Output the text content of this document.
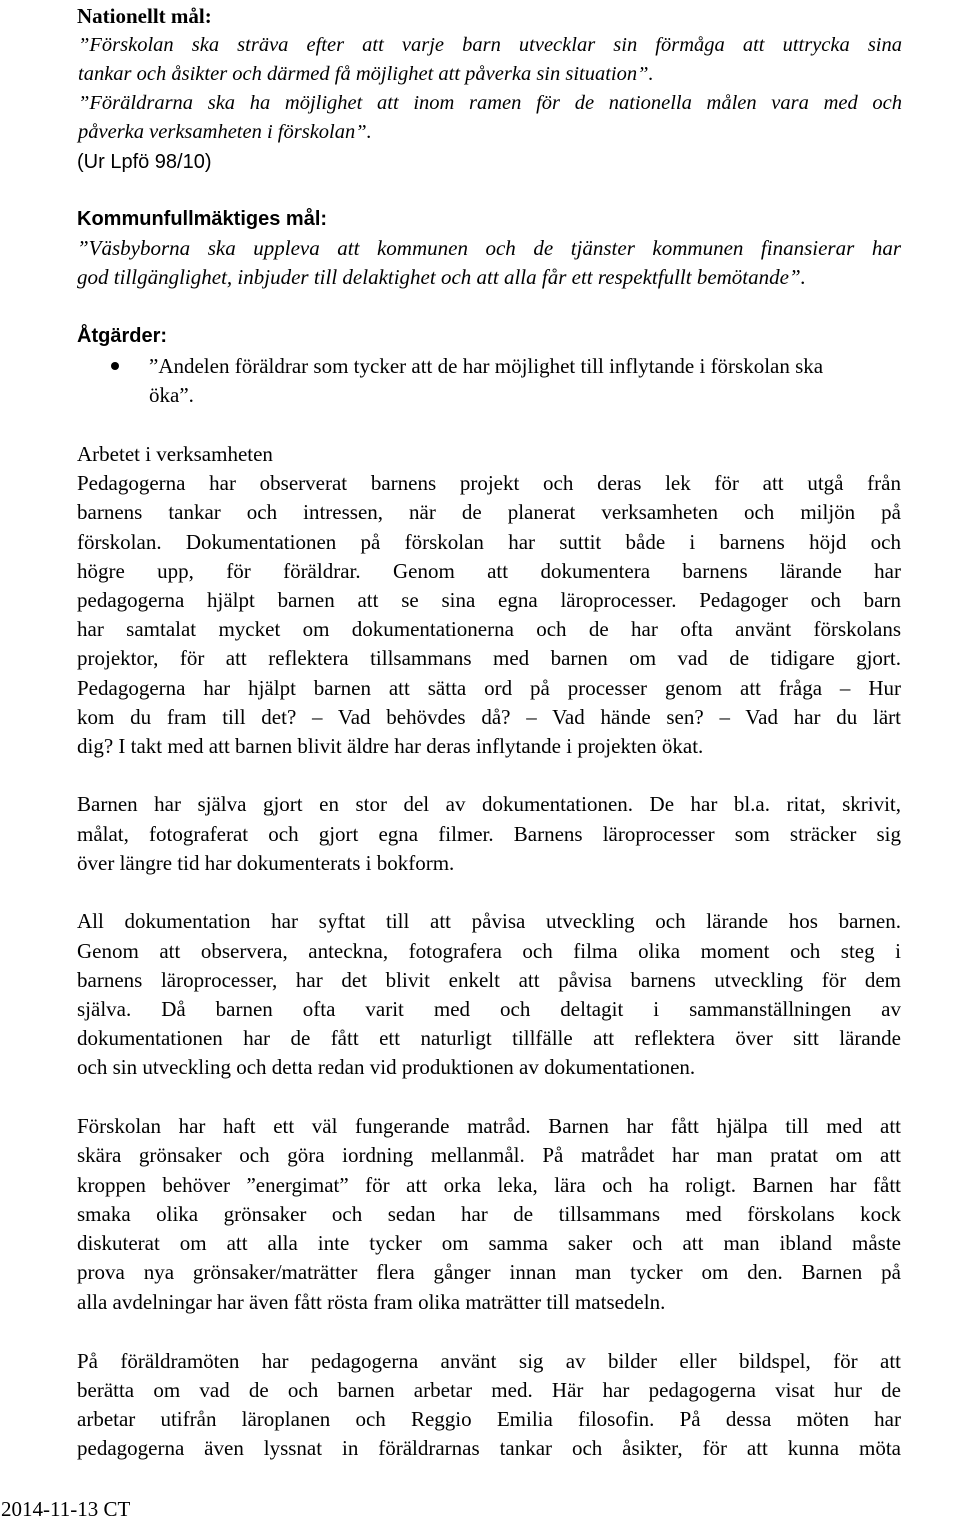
Nationellt mål:
”Förskolan ska sträva efter att varje barn utvecklar sin förmåga att uttrycka sina
tankar och åsikter och därmed få möjlighet att påverka sin situation”.
”Föräldrarna ska ha möjlighet att inom ramen för de nationella målen vara med och
påverka verksamheten i förskolan”.
(Ur Lpfö 98/10)
Kommunfullmäktiges mål:
”Väsbyborna ska uppleva att kommunen och de tjänster kommunen finansierar har
god tillgänglighet, inbjuder till delaktighet och att alla får ett respektfullt bemötande”.
Åtgärder:
”Andelen föräldrar som tycker att de har möjlighet till inflytande i förskolan ska
öka”.
Arbetet i verksamheten
Pedagogerna har observerat barnens projekt och deras lek för att utgå från
barnens tankar och intressen, när de planerat verksamheten och miljön på
förskolan. Dokumentationen på förskolan har suttit både i barnens höjd och
högre upp, för föräldrar. Genom att dokumentera barnens lärande har
pedagogerna hjälpt barnen att se sina egna läroprocesser. Pedagoger och barn
har samtalat mycket om dokumentationerna och de har ofta använt förskolans
projektor, för att reflektera tillsammans med barnen om vad de tidigare gjort.
Pedagogerna har hjälpt barnen att sätta ord på processer genom att fråga – Hur
kom du fram till det? – Vad behövdes då? – Vad hände sen? – Vad har du lärt
dig? I takt med att barnen blivit äldre har deras inflytande i projekten ökat.
Barnen har själva gjort en stor del av dokumentationen. De har bl.a. ritat, skrivit,
målat, fotograferat och gjort egna filmer. Barnens läroprocesser som sträcker sig
över längre tid har dokumenterats i bokform.
All dokumentation har syftat till att påvisa utveckling och lärande hos barnen.
Genom att observera, anteckna, fotografera och filma olika moment och steg i
barnens läroprocesser, har det blivit enkelt att påvisa barnens utveckling för dem
själva. Då barnen ofta varit med och deltagit i sammanställningen av
dokumentationen har de fått ett naturligt tillfälle att reflektera över sitt lärande
och sin utveckling och detta redan vid produktionen av dokumentationen.
Förskolan har haft ett väl fungerande matråd. Barnen har fått hjälpa till med att
skära grönsaker och göra iordning mellanmål. På matrådet har man pratat om att
kroppen behöver ”energimat” för att orka leka, lära och ha roligt. Barnen har fått
smaka olika grönsaker och sedan har de tillsammans med förskolans kock
diskuterat om att alla inte tycker om samma saker och att man ibland måste
prova nya grönsaker/maträtter flera gånger innan man tycker om den. Barnen på
alla avdelningar har även fått rösta fram olika maträtter till matsedeln.
På föräldramöten har pedagogerna använt sig av bilder eller bildspel, för att
berätta om vad de och barnen arbetar med. Här har pedagogerna visat hur de
arbetar utifrån läroplanen och Reggio Emilia filosofin. På dessa möten har
pedagogerna även lyssnat in föräldrarnas tankar och åsikter, för att kunna möta
2014-11-13 CT
